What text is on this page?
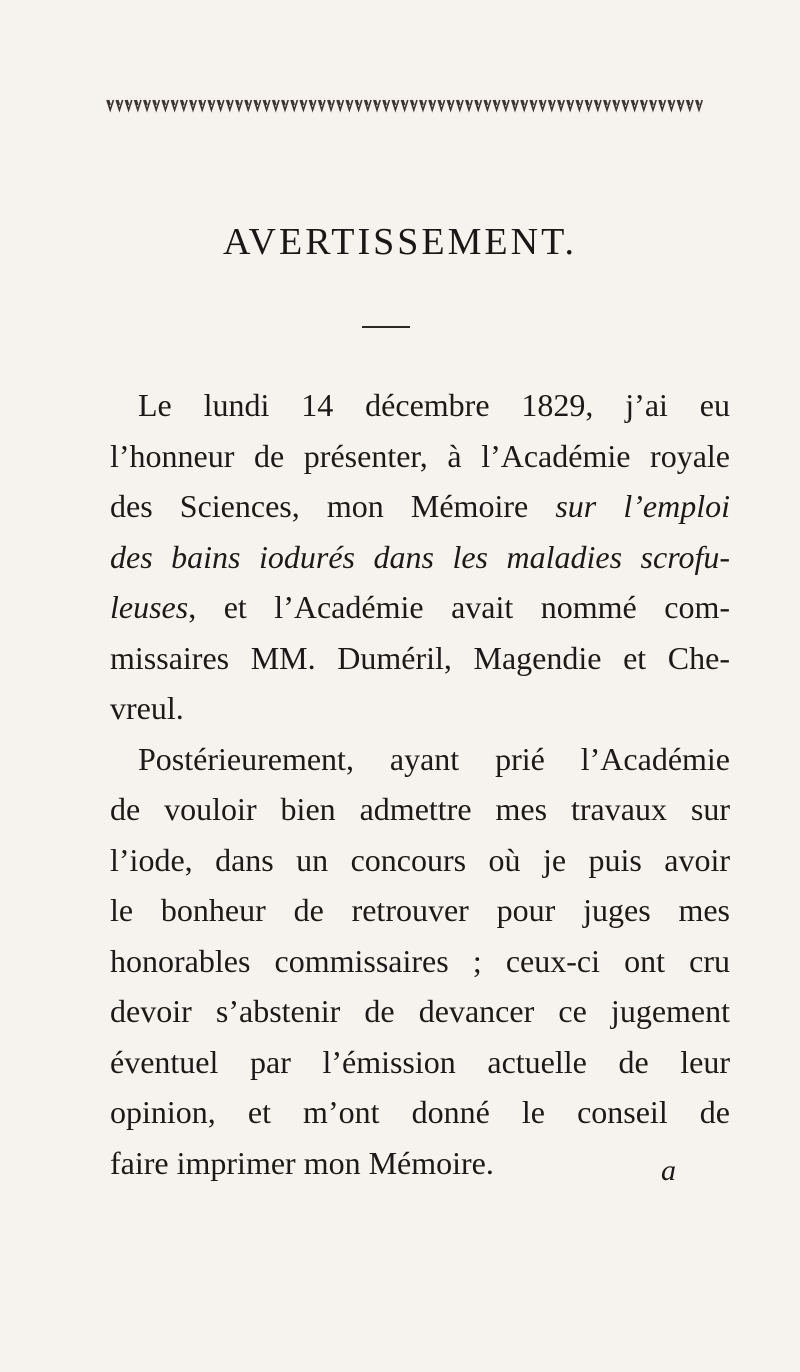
AVERTISSEMENT.
Le lundi 14 décembre 1829, j’ai eu
l’honneur de présenter, à l’Académie royale
des Sciences, mon Mémoire sur l’emploi
des bains iodurés dans les maladies scrofu-
leuses, et l’Académie avait nommé com-
missaires MM. Duméril, Magendie et Che-
vreul.
Postérieurement, ayant prié l’Académie
de vouloir bien admettre mes travaux sur
l’iode, dans un concours où je puis avoir
le bonheur de retrouver pour juges mes
honorables commissaires ; ceux-ci ont cru
devoir s’abstenir de devancer ce jugement
éventuel par l’émission actuelle de leur
opinion, et m’ont donné le conseil de
faire imprimer mon Mémoire.	a
